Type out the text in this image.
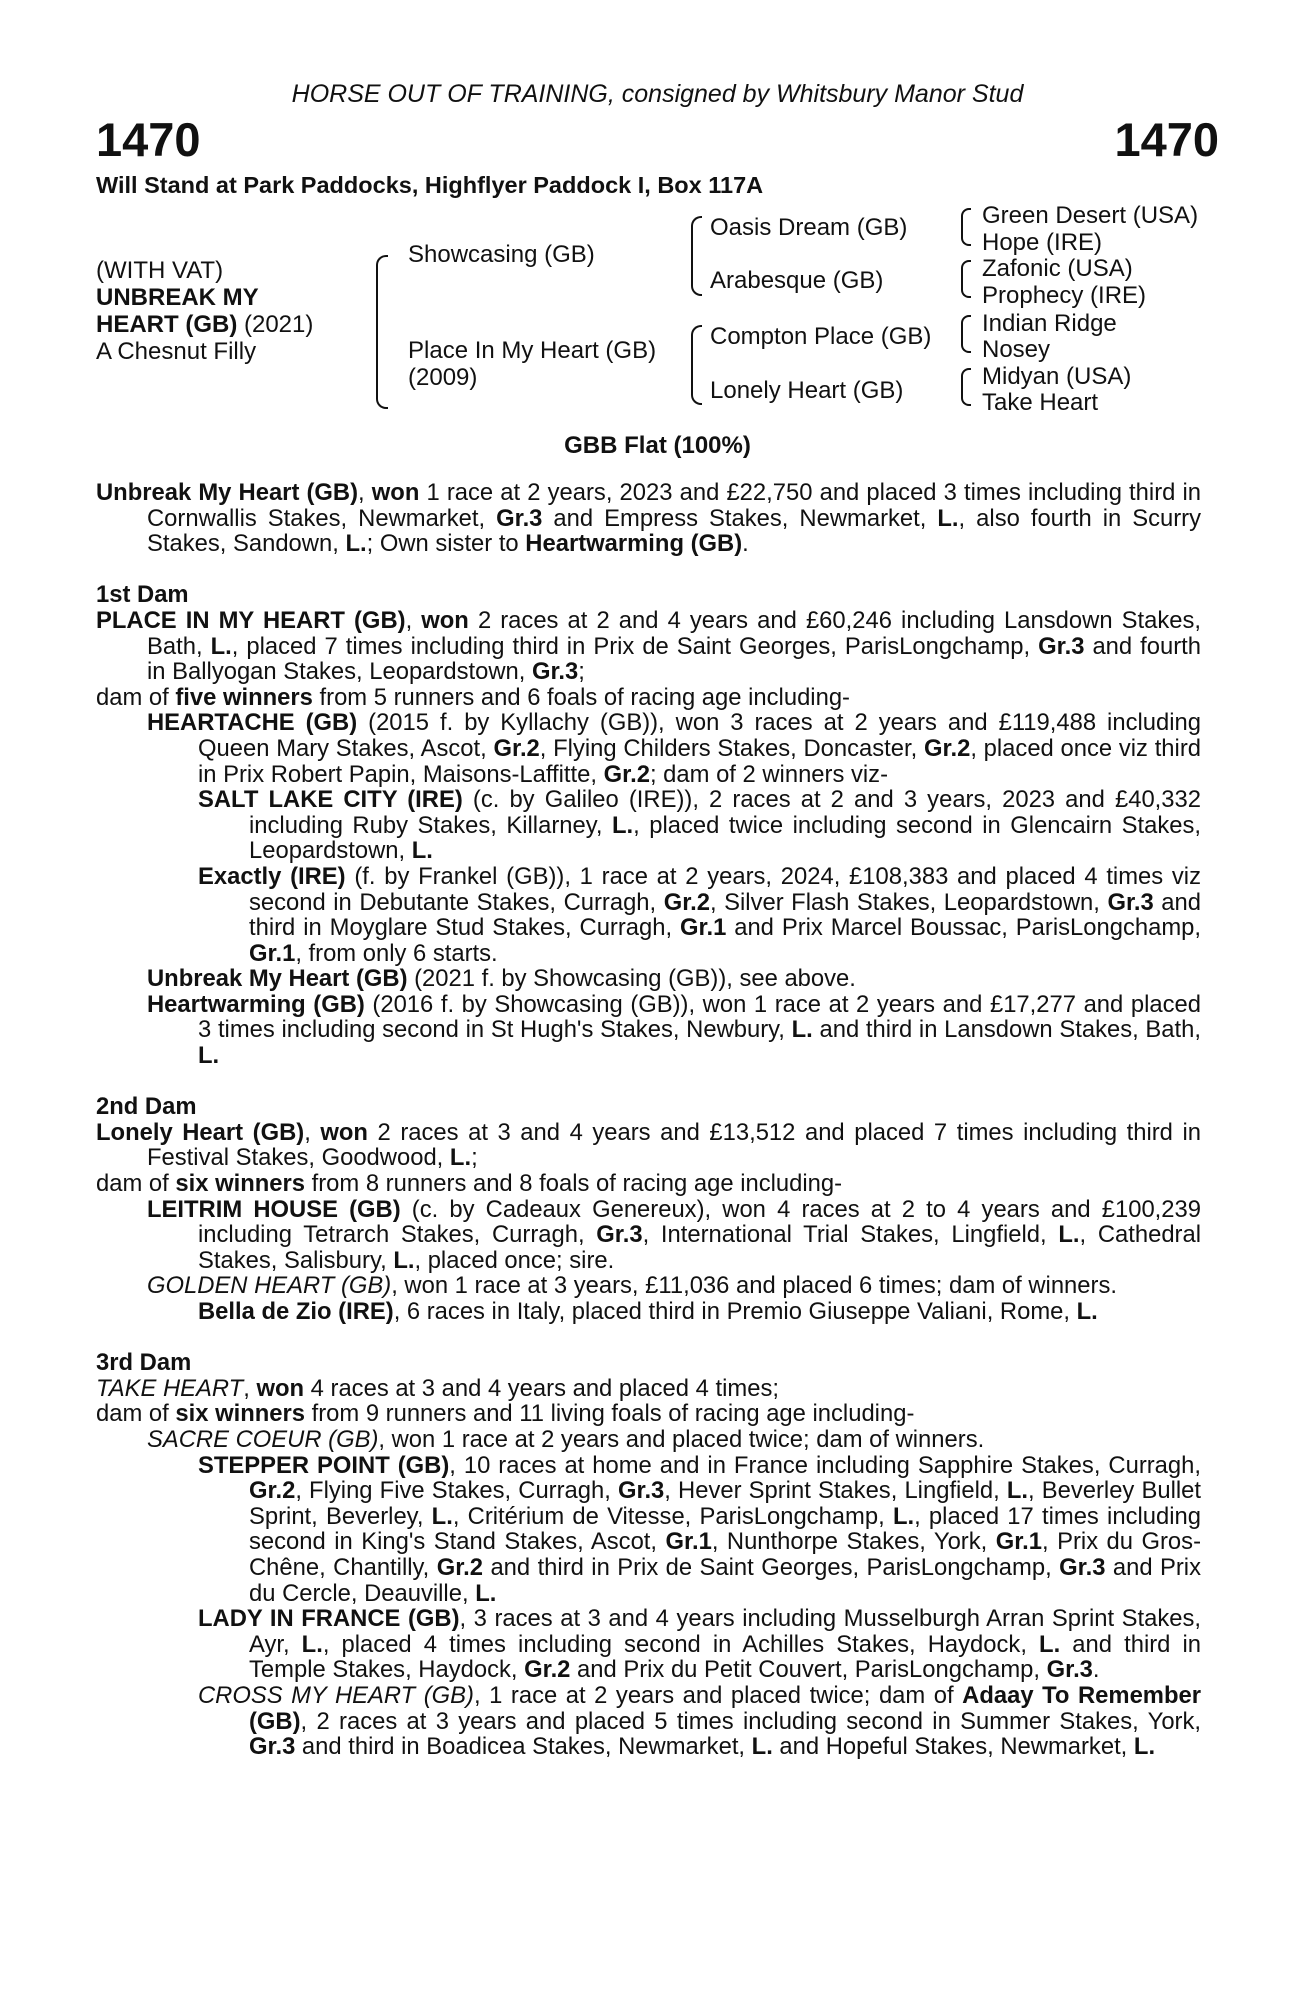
HORSE OUT OF TRAINING, consigned by Whitsbury Manor Stud
1470	1470
Will Stand at Park Paddocks, Highflyer Paddock I, Box 117A
(WITH VAT)
UNBREAK MY
HEART (GB) (2021)
A Chesnut Filly
Showcasing (GB)
Place In My Heart (GB)
(2009)
Oasis Dream (GB)
Arabesque (GB)
Compton Place (GB)
Lonely Heart (GB)
Green Desert (USA)
Hope (IRE)
Zafonic (USA)
Prophecy (IRE)
Indian Ridge
Nosey
Midyan (USA)
Take Heart
GBB Flat (100%)
Unbreak My Heart (GB), won 1 race at 2 years, 2023 and £22,750 and placed 3 times including third in Cornwallis Stakes, Newmarket, Gr.3 and Empress Stakes, Newmarket, L., also fourth in Scurry Stakes, Sandown, L.; Own sister to Heartwarming (GB).
1st Dam
PLACE IN MY HEART (GB), won 2 races at 2 and 4 years and £60,246 including Lansdown Stakes, Bath, L., placed 7 times including third in Prix de Saint Georges, ParisLongchamp, Gr.3 and fourth in Ballyogan Stakes, Leopardstown, Gr.3;
dam of five winners from 5 runners and 6 foals of racing age including-
HEARTACHE (GB) (2015 f. by Kyllachy (GB)), won 3 races at 2 years and £119,488 including Queen Mary Stakes, Ascot, Gr.2, Flying Childers Stakes, Doncaster, Gr.2, placed once viz third in Prix Robert Papin, Maisons-Laffitte, Gr.2; dam of 2 winners viz-
SALT LAKE CITY (IRE) (c. by Galileo (IRE)), 2 races at 2 and 3 years, 2023 and £40,332 including Ruby Stakes, Killarney, L., placed twice including second in Glencairn Stakes, Leopardstown, L.
Exactly (IRE) (f. by Frankel (GB)), 1 race at 2 years, 2024, £108,383 and placed 4 times viz second in Debutante Stakes, Curragh, Gr.2, Silver Flash Stakes, Leopardstown, Gr.3 and third in Moyglare Stud Stakes, Curragh, Gr.1 and Prix Marcel Boussac, ParisLongchamp, Gr.1, from only 6 starts.
Unbreak My Heart (GB) (2021 f. by Showcasing (GB)), see above.
Heartwarming (GB) (2016 f. by Showcasing (GB)), won 1 race at 2 years and £17,277 and placed 3 times including second in St Hugh's Stakes, Newbury, L. and third in Lansdown Stakes, Bath, L.
2nd Dam
Lonely Heart (GB), won 2 races at 3 and 4 years and £13,512 and placed 7 times including third in Festival Stakes, Goodwood, L.;
dam of six winners from 8 runners and 8 foals of racing age including-
LEITRIM HOUSE (GB) (c. by Cadeaux Genereux), won 4 races at 2 to 4 years and £100,239 including Tetrarch Stakes, Curragh, Gr.3, International Trial Stakes, Lingfield, L., Cathedral Stakes, Salisbury, L., placed once; sire.
GOLDEN HEART (GB), won 1 race at 3 years, £11,036 and placed 6 times; dam of winners.
Bella de Zio (IRE), 6 races in Italy, placed third in Premio Giuseppe Valiani, Rome, L.
3rd Dam
TAKE HEART, won 4 races at 3 and 4 years and placed 4 times;
dam of six winners from 9 runners and 11 living foals of racing age including-
SACRE COEUR (GB), won 1 race at 2 years and placed twice; dam of winners.
STEPPER POINT (GB), 10 races at home and in France including Sapphire Stakes, Curragh, Gr.2, Flying Five Stakes, Curragh, Gr.3, Hever Sprint Stakes, Lingfield, L., Beverley Bullet Sprint, Beverley, L., Critérium de Vitesse, ParisLongchamp, L., placed 17 times including second in King's Stand Stakes, Ascot, Gr.1, Nunthorpe Stakes, York, Gr.1, Prix du Gros-Chêne, Chantilly, Gr.2 and third in Prix de Saint Georges, ParisLongchamp, Gr.3 and Prix du Cercle, Deauville, L.
LADY IN FRANCE (GB), 3 races at 3 and 4 years including Musselburgh Arran Sprint Stakes, Ayr, L., placed 4 times including second in Achilles Stakes, Haydock, L. and third in Temple Stakes, Haydock, Gr.2 and Prix du Petit Couvert, ParisLongchamp, Gr.3.
CROSS MY HEART (GB), 1 race at 2 years and placed twice; dam of Adaay To Remember (GB), 2 races at 3 years and placed 5 times including second in Summer Stakes, York, Gr.3 and third in Boadicea Stakes, Newmarket, L. and Hopeful Stakes, Newmarket, L.
